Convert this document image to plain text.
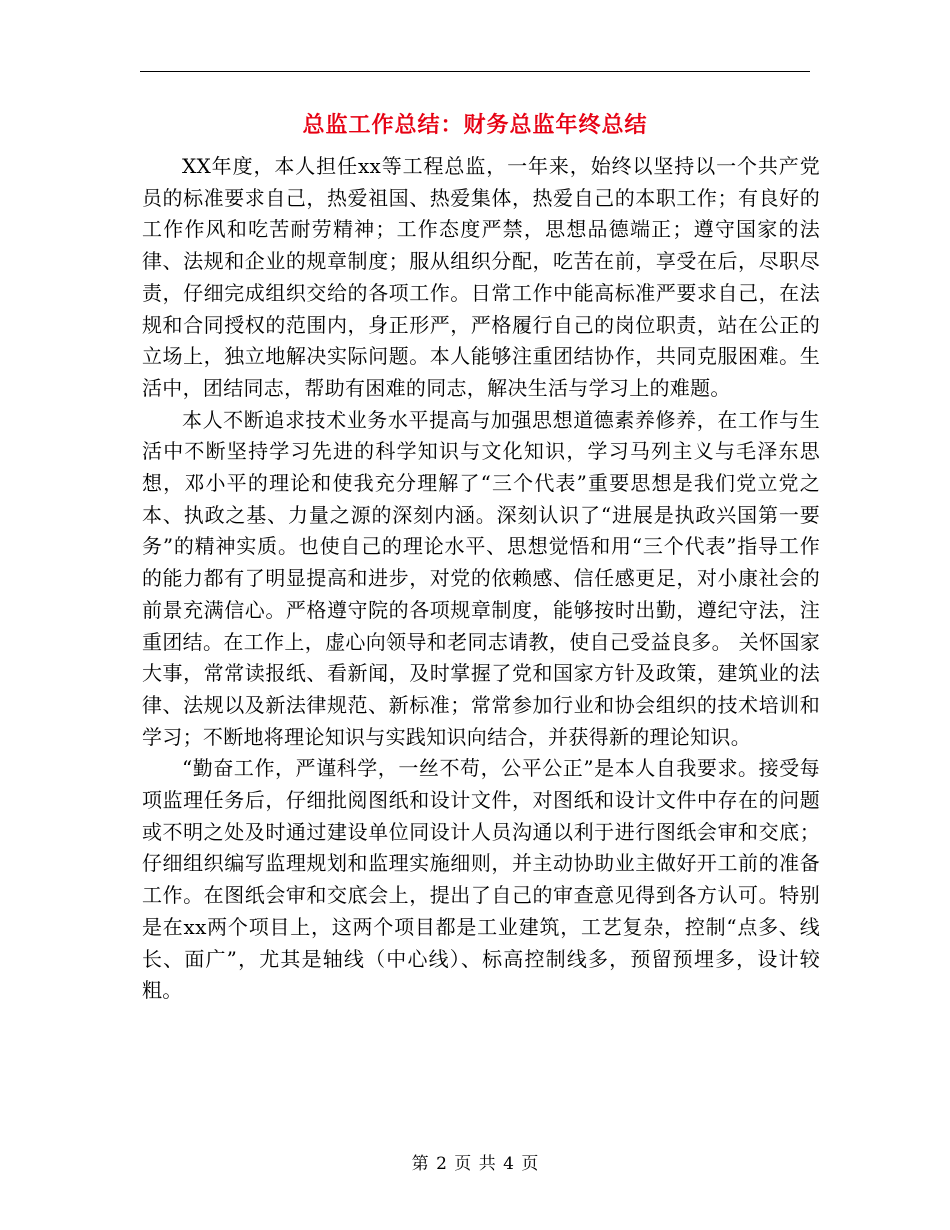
总监工作总结：财务总监年终总结

XX年度，本人担任xx等工程总监，一年来，始终以坚持以一个共产党员的标准要求自己，热爱祖国、热爱集体，热爱自己的本职工作；有良好的工作作风和吃苦耐劳精神；工作态度严禁，思想品德端正；遵守国家的法律、法规和企业的规章制度；服从组织分配，吃苦在前，享受在后，尽职尽责，仔细完成组织交给的各项工作。日常工作中能高标准严要求自己，在法规和合同授权的范围内，身正形严，严格履行自己的岗位职责，站在公正的立场上，独立地解决实际问题。本人能够注重团结协作，共同克服困难。生活中，团结同志，帮助有困难的同志，解决生活与学习上的难题。

本人不断追求技术业务水平提高与加强思想道德素养修养，在工作与生活中不断坚持学习先进的科学知识与文化知识，学习马列主义与毛泽东思想，邓小平的理论和使我充分理解了“三个代表”重要思想是我们党立党之本、执政之基、力量之源的深刻内涵。深刻认识了“进展是执政兴国第一要务”的精神实质。也使自己的理论水平、思想觉悟和用“三个代表”指导工作的能力都有了明显提高和进步，对党的依赖感、信任感更足，对小康社会的前景充满信心。严格遵守院的各项规章制度，能够按时出勤，遵纪守法，注重团结。在工作上，虚心向领导和老同志请教，使自己受益良多。 关怀国家大事，常常读报纸、看新闻，及时掌握了党和国家方针及政策，建筑业的法律、法规以及新法律规范、新标准；常常参加行业和协会组织的技术培训和学习；不断地将理论知识与实践知识向结合，并获得新的理论知识。

“勤奋工作，严谨科学，一丝不苟，公平公正”是本人自我要求。接受每项监理任务后，仔细批阅图纸和设计文件，对图纸和设计文件中存在的问题或不明之处及时通过建设单位同设计人员沟通以利于进行图纸会审和交底；仔细组织编写监理规划和监理实施细则，并主动协助业主做好开工前的准备工作。在图纸会审和交底会上，提出了自己的审查意见得到各方认可。特别是在xx两个项目上，这两个项目都是工业建筑，工艺复杂，控制“点多、线长、面广”，尤其是轴线（中心线）、标高控制线多，预留预埋多，设计较粗。

第 2 页 共 4 页
